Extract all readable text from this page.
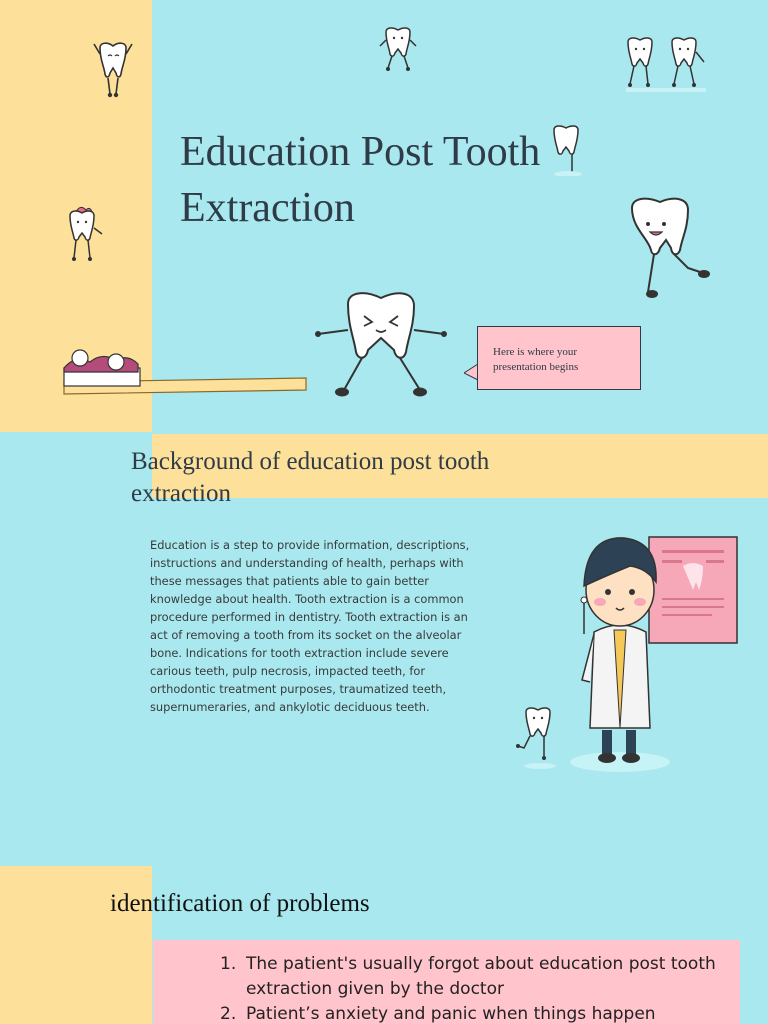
Education Post Tooth Extraction
Here is where your presentation begins
Background of education post tooth extraction

Education is a step to provide information, descriptions, instructions and understanding of health, perhaps with these messages that patients able to gain better knowledge about health. Tooth extraction is a common procedure performed in dentistry. Tooth extraction is an act of removing a tooth from its socket on the alveolar bone. Indications for tooth extraction include severe carious teeth, pulp necrosis, impacted teeth, for orthodontic treatment purposes, traumatized teeth, supernumeraries, and ankylotic deciduous teeth.

identification of problems
1. The patient's usually forgot about education post tooth extraction given by the doctor
2. Patient’s anxiety and panic when things happen
